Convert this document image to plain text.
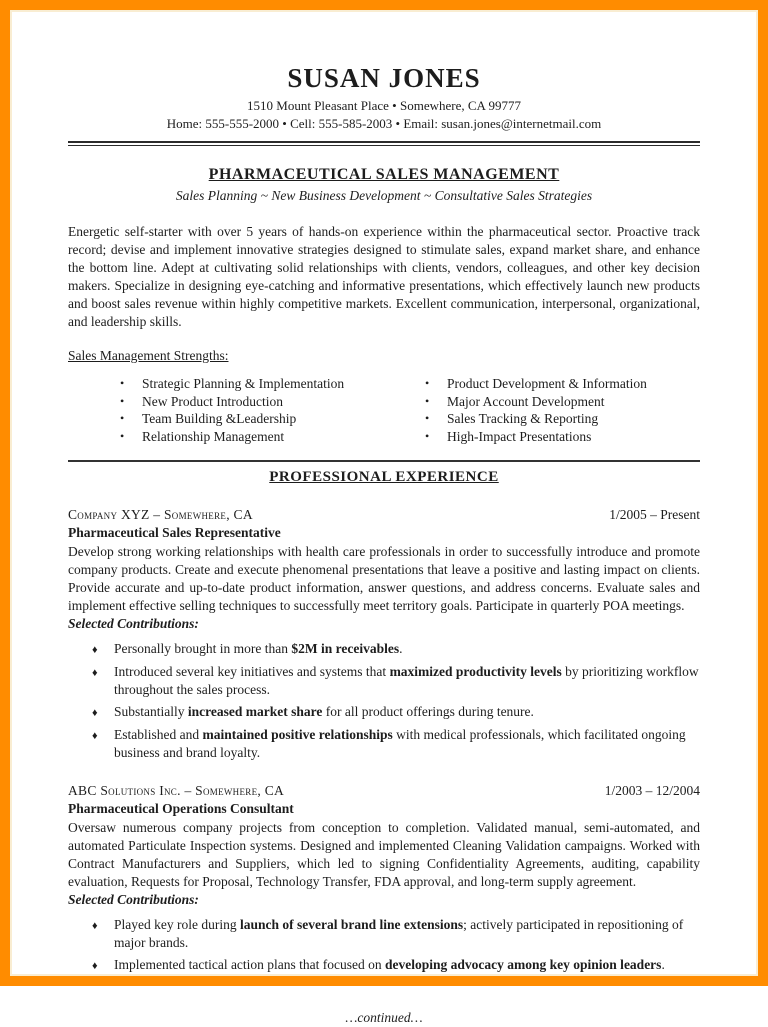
SUSAN JONES
1510 Mount Pleasant Place • Somewhere, CA 99777
Home: 555-555-2000 • Cell: 555-585-2003 • Email: susan.jones@internetmail.com
PHARMACEUTICAL SALES MANAGEMENT
Sales Planning ~ New Business Development ~ Consultative Sales Strategies

Energetic self-starter with over 5 years of hands-on experience within the pharmaceutical sector. Proactive track record; devise and implement innovative strategies designed to stimulate sales, expand market share, and enhance the bottom line. Adept at cultivating solid relationships with clients, vendors, colleagues, and other key decision makers. Specialize in designing eye-catching and informative presentations, which effectively launch new products and boost sales revenue within highly competitive markets. Excellent communication, interpersonal, organizational, and leadership skills.

Sales Management Strengths:
•	Strategic Planning & Implementation
•	New Product Introduction
•	Team Building &Leadership
•	Relationship Management
•	Product Development & Information
•	Major Account Development
•	Sales Tracking & Reporting
•	High-Impact Presentations
PROFESSIONAL EXPERIENCE
Company XYZ – Somewhere, CA	1/2005 – Present
Pharmaceutical Sales Representative
Develop strong working relationships with health care professionals in order to successfully introduce and promote company products. Create and execute phenomenal presentations that leave a positive and lasting impact on clients. Provide accurate and up-to-date product information, answer questions, and address concerns. Evaluate sales and implement effective selling techniques to successfully meet territory goals. Participate in quarterly POA meetings.
Selected Contributions:
♦	Personally brought in more than $2M in receivables.
♦	Introduced several key initiatives and systems that maximized productivity levels by prioritizing workflow throughout the sales process.
♦	Substantially increased market share for all product offerings during tenure.
♦	Established and maintained positive relationships with medical professionals, which facilitated ongoing business and brand loyalty.
ABC Solutions Inc. – Somewhere, CA	1/2003 – 12/2004
Pharmaceutical Operations Consultant
Oversaw numerous company projects from conception to completion. Validated manual, semi-automated, and automated Particulate Inspection systems. Designed and implemented Cleaning Validation campaigns. Worked with Contract Manufacturers and Suppliers, which led to signing Confidentiality Agreements, auditing, capability evaluation, Requests for Proposal, Technology Transfer, FDA approval, and long-term supply agreement.
Selected Contributions:
♦	Played key role during launch of several brand line extensions; actively participated in repositioning of major brands.
♦	Implemented tactical action plans that focused on developing advocacy among key opinion leaders.
…continued…
